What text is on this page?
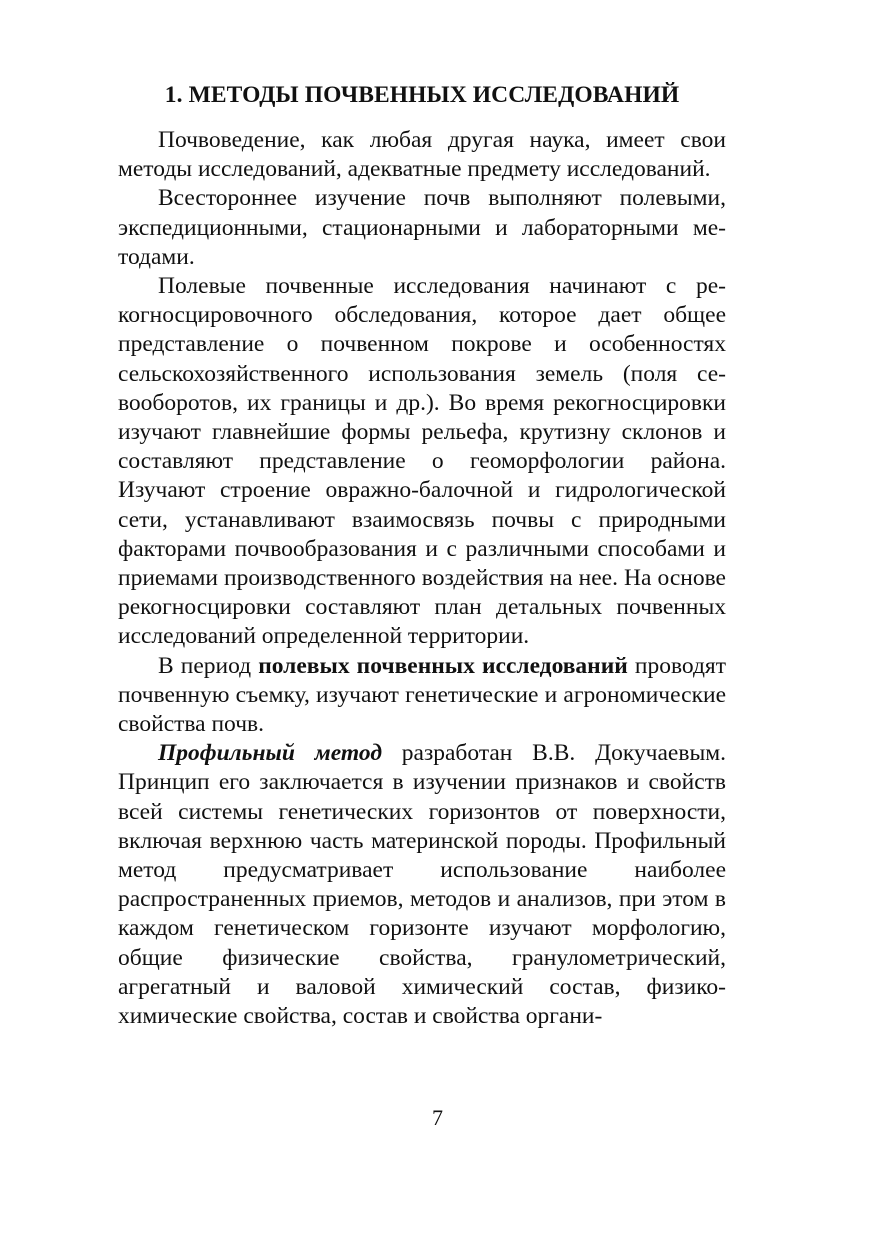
1. МЕТОДЫ ПОЧВЕННЫХ ИССЛЕДОВАНИЙ

Почвоведение, как любая другая наука, имеет свои методы исследований, адекватные предмету исследований.

Всестороннее изучение почв выполняют полевыми, экспедиционными, стационарными и лабораторными методами.

Полевые почвенные исследования начинают с рекогносцировочного обследования, которое дает общее представление о почвенном покрове и особенностях сельскохозяйственного использования земель (поля севооборотов, их границы и др.). Во время рекогносцировки изучают главнейшие формы рельефа, крутизну склонов и составляют представление о геоморфологии района. Изучают строение овражно-балочной и гидрологической сети, устанавливают взаимосвязь почвы с природными факторами почвообразования и с различными способами и приемами производственного воздействия на нее. На основе рекогносцировки составляют план детальных почвенных исследований определенной территории.

В период полевых почвенных исследований проводят почвенную съемку, изучают генетические и агрономические свойства почв.

Профильный метод разработан В.В. Докучаевым. Принцип его заключается в изучении признаков и свойств всей системы генетических горизонтов от поверхности, включая верхнюю часть материнской породы. Профильный метод предусматривает использование наиболее распространенных приемов, методов и анализов, при этом в каждом генетическом горизонте изучают морфологию, общие физические свойства, гранулометрический, агрегатный и валовой химический состав, физико-химические свойства, состав и свойства органи-

7
